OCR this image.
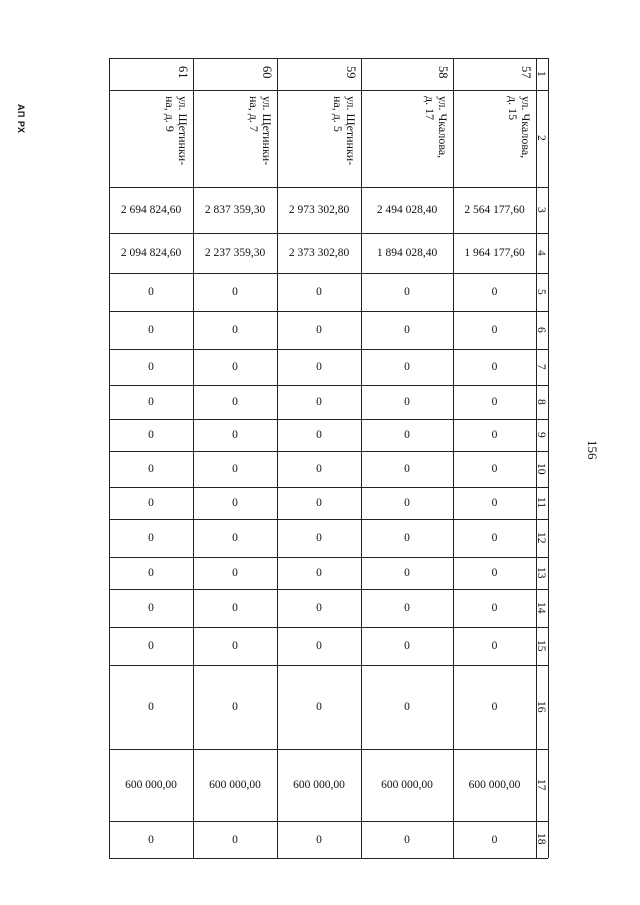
АП РХ
156
1
2
3
4
5
6
7
8
9
10
11
12
13
14
15
16
17
18
57
ул. Чкалова,
д. 15
2 564 177,60
1 964 177,60
0
0
0
0
0
0
0
0
0
0
0
0
600 000,00
0
58
ул. Чкалова,
д. 17
2 494 028,40
1 894 028,40
0
0
0
0
0
0
0
0
0
0
0
0
600 000,00
0
59
ул. Щетинки-
на, д. 5
2 973 302,80
2 373 302,80
0
0
0
0
0
0
0
0
0
0
0
0
600 000,00
0
60
ул. Щетинки-
на, д. 7
2 837 359,30
2 237 359,30
0
0
0
0
0
0
0
0
0
0
0
0
600 000,00
0
61
ул. Щетинки-
на, д. 9
2 694 824,60
2 094 824,60
0
0
0
0
0
0
0
0
0
0
0
0
600 000,00
0
